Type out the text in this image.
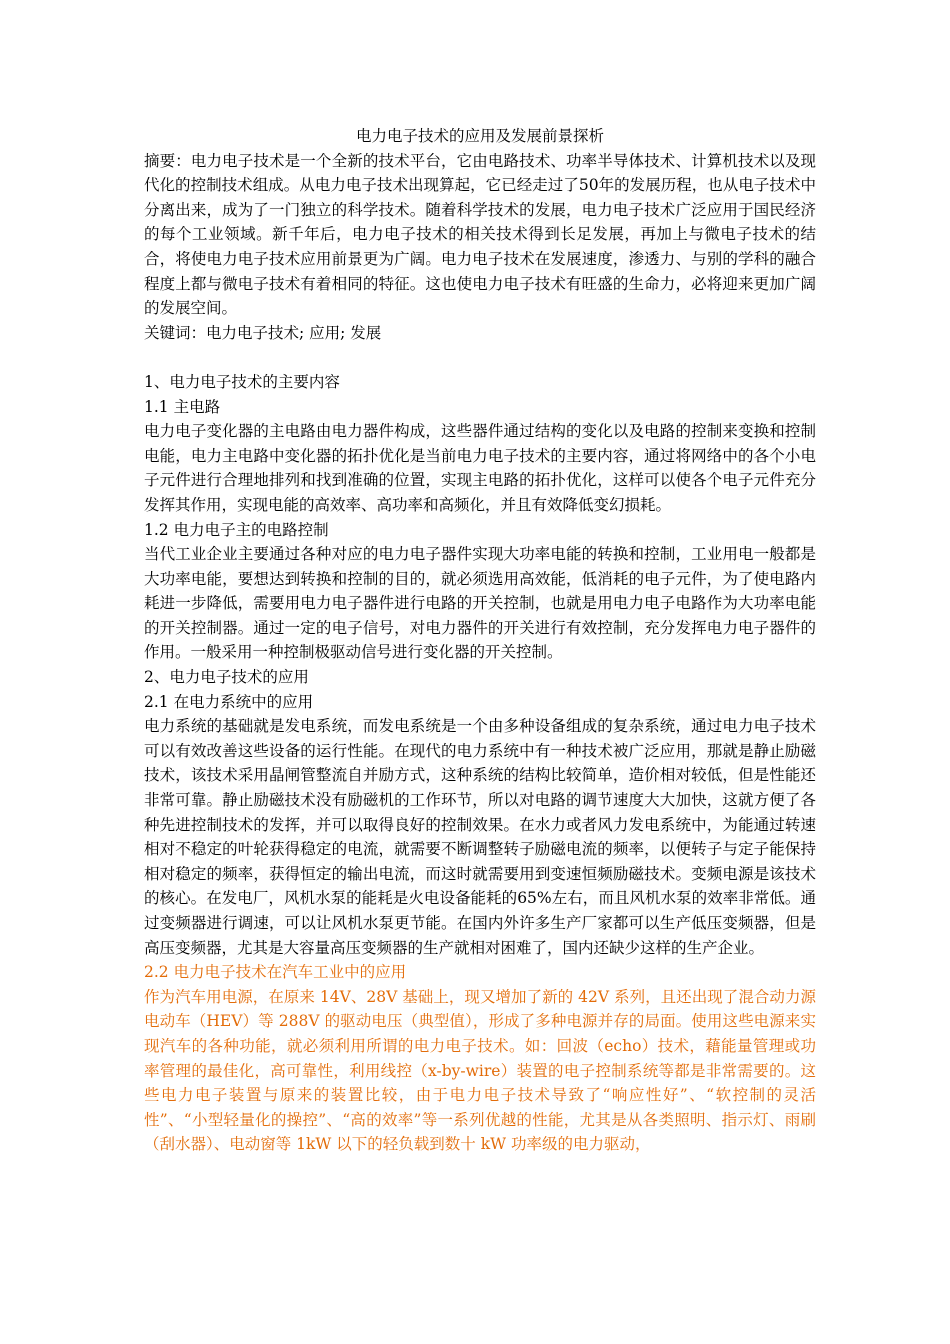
电力电子技术的应用及发展前景探析

摘要：电力电子技术是一个全新的技术平台，它由电路技术、功率半导体技术、计算机技术以及现代化的控制技术组成。从电力电子技术出现算起，它已经走过了50年的发展历程，也从电子技术中分离出来，成为了一门独立的科学技术。随着科学技术的发展，电力电子技术广泛应用于国民经济的每个工业领域。新千年后，电力电子技术的相关技术得到长足发展，再加上与微电子技术的结合，将使电力电子技术应用前景更为广阔。电力电子技术在发展速度，渗透力、与别的学科的融合程度上都与微电子技术有着相同的特征。这也使电力电子技术有旺盛的生命力，必将迎来更加广阔的发展空间。

关键词：电力电子技术; 应用; 发展

1、电力电子技术的主要内容

1.1 主电路

电力电子变化器的主电路由电力器件构成，这些器件通过结构的变化以及电路的控制来变换和控制电能，电力主电路中变化器的拓扑优化是当前电力电子技术的主要内容，通过将网络中的各个小电子元件进行合理地排列和找到准确的位置，实现主电路的拓扑优化，这样可以使各个电子元件充分发挥其作用，实现电能的高效率、高功率和高频化，并且有效降低变幻损耗。

1.2 电力电子主的电路控制

当代工业企业主要通过各种对应的电力电子器件实现大功率电能的转换和控制，工业用电一般都是大功率电能，要想达到转换和控制的目的，就必须选用高效能，低消耗的电子元件，为了使电路内耗进一步降低，需要用电力电子器件进行电路的开关控制，也就是用电力电子电路作为大功率电能的开关控制器。通过一定的电子信号，对电力器件的开关进行有效控制，充分发挥电力电子器件的作用。一般采用一种控制极驱动信号进行变化器的开关控制。

2、电力电子技术的应用

2.1 在电力系统中的应用

电力系统的基础就是发电系统，而发电系统是一个由多种设备组成的复杂系统，通过电力电子技术可以有效改善这些设备的运行性能。在现代的电力系统中有一种技术被广泛应用，那就是静止励磁技术，该技术采用晶闸管整流自并励方式，这种系统的结构比较简单，造价相对较低，但是性能还非常可靠。静止励磁技术没有励磁机的工作环节，所以对电路的调节速度大大加快，这就方便了各种先进控制技术的发挥，并可以取得良好的控制效果。在水力或者风力发电系统中，为能通过转速相对不稳定的叶轮获得稳定的电流，就需要不断调整转子励磁电流的频率，以便转子与定子能保持相对稳定的频率，获得恒定的输出电流，而这时就需要用到变速恒频励磁技术。变频电源是该技术的核心。在发电厂，风机水泵的能耗是火电设备能耗的65%左右，而且风机水泵的效率非常低。通过变频器进行调速，可以让风机水泵更节能。在国内外许多生产厂家都可以生产低压变频器，但是高压变频器，尤其是大容量高压变频器的生产就相对困难了，国内还缺少这样的生产企业。

2.2 电力电子技术在汽车工业中的应用

作为汽车用电源，在原来 14V、28V 基础上，现又增加了新的 42V 系列，且还出现了混合动力源电动车（HEV）等 288V 的驱动电压（典型值），形成了多种电源并存的局面。使用这些电源来实现汽车的各种功能，就必须利用所谓的电力电子技术。如：回波（echo）技术，藉能量管理或功率管理的最佳化，高可靠性，利用线控（x-by-wire）装置的电子控制系统等都是非常需要的。这些电力电子装置与原来的装置比较，由于电力电子技术导致了“响应性好”、“软控制的灵活性”、“小型轻量化的操控”、“高的效率”等一系列优越的性能，尤其是从各类照明、指示灯、雨刷（刮水器）、电动窗等 1kW 以下的轻负载到数十 kW 功率级的电力驱动，
